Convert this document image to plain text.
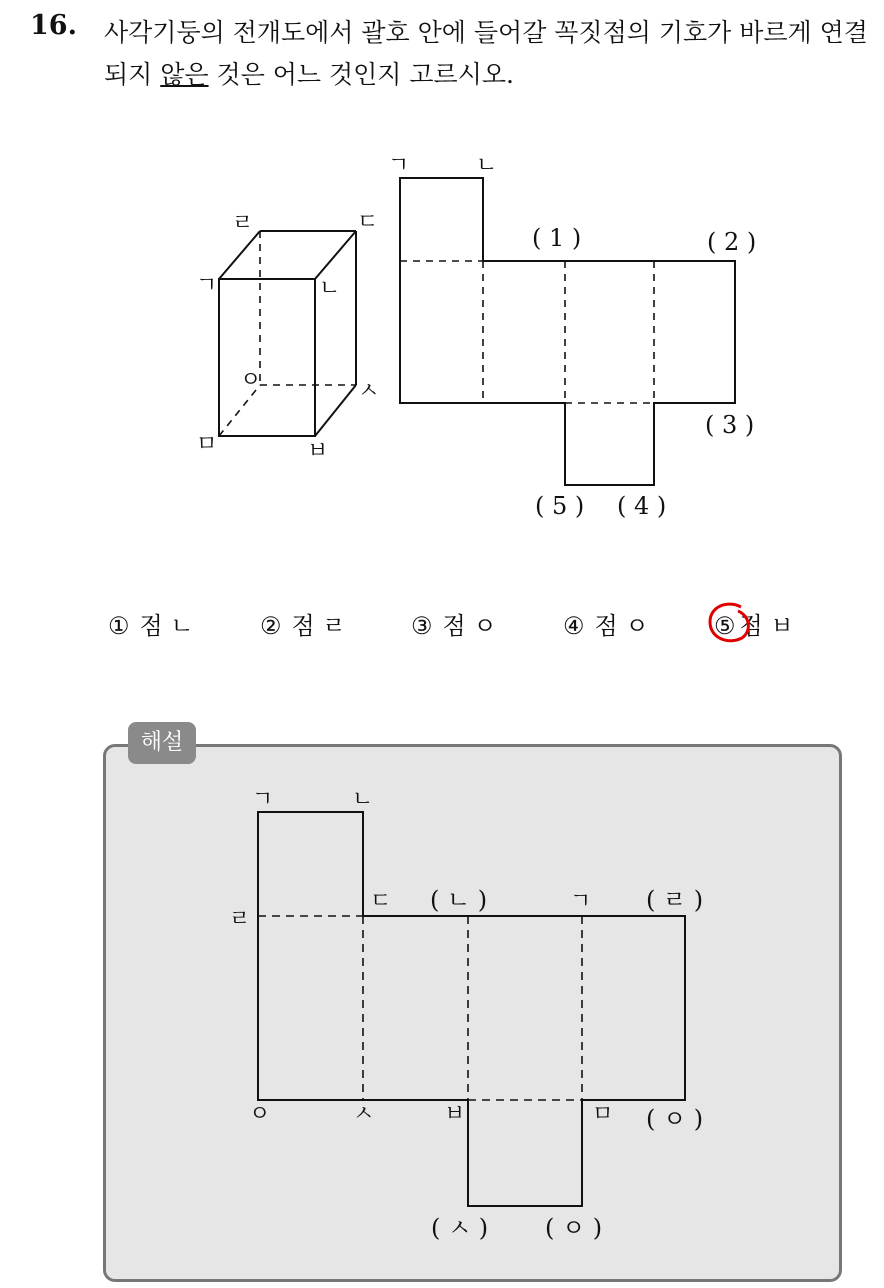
16. 사각기둥의 전개도에서 괄호 안에 들어갈 꼭짓점의 기호가 바르게 연결되지 않은 것은 어느 것인지 고르시오.
ㄹ	ㄷ
ㄱ	ㄴ
ㅇ	ㅅ
ㅁ	ㅂ
ㄱ	ㄴ
( 1 )	( 2 )
( 3 )
( 4 )
( 5 )
① 점 ㄴ	② 점 ㄹ	③ 점 ㅇ	④ 점 ㅇ	⑤ 점 ㅂ
해설
ㄱ	ㄴ
ㄹ
ㄷ ( ㄴ )	ㄱ ( ㄹ )
ㅇ	ㅅ	ㅂ	ㅁ ( ㅇ )
( ㅅ ) ( ㅇ )
